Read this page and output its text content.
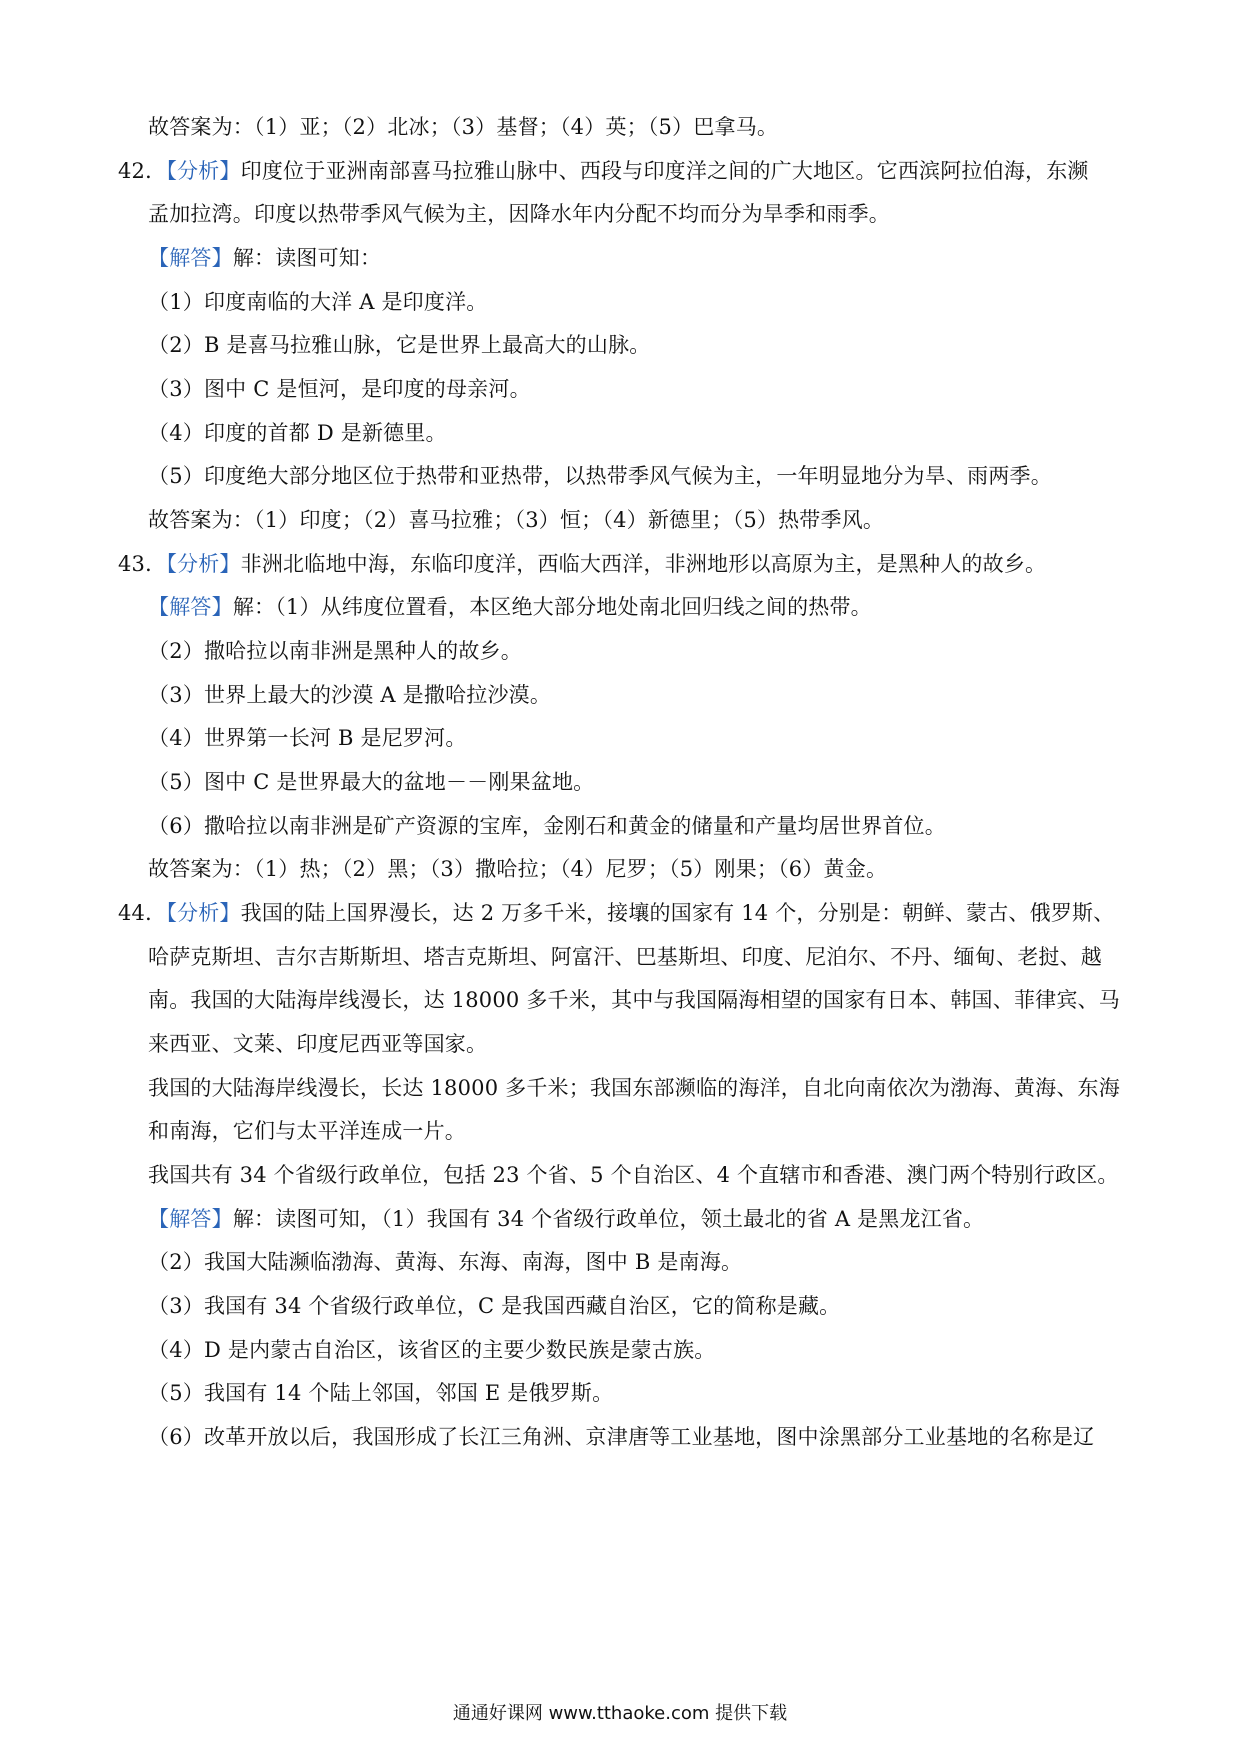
故答案为：（1）亚；（2）北冰；（3）基督；（4）英；（5）巴拿马。
42．【分析】印度位于亚洲南部喜马拉雅山脉中、西段与印度洋之间的广大地区。它西滨阿拉伯海，东濒
孟加拉湾。印度以热带季风气候为主，因降水年内分配不均而分为旱季和雨季。
【解答】解：读图可知：
（1）印度南临的大洋 A 是印度洋。
（2）B 是喜马拉雅山脉，它是世界上最高大的山脉。
（3）图中 C 是恒河，是印度的母亲河。
（4）印度的首都 D 是新德里。
（5）印度绝大部分地区位于热带和亚热带，以热带季风气候为主，一年明显地分为旱、雨两季。
故答案为：（1）印度；（2）喜马拉雅；（3）恒；（4）新德里；（5）热带季风。
43．【分析】非洲北临地中海，东临印度洋，西临大西洋，非洲地形以高原为主，是黑种人的故乡。
【解答】解：（1）从纬度位置看，本区绝大部分地处南北回归线之间的热带。
（2）撒哈拉以南非洲是黑种人的故乡。
（3）世界上最大的沙漠 A 是撒哈拉沙漠。
（4）世界第一长河 B 是尼罗河。
（5）图中 C 是世界最大的盆地－－刚果盆地。
（6）撒哈拉以南非洲是矿产资源的宝库，金刚石和黄金的储量和产量均居世界首位。
故答案为：（1）热；（2）黑；（3）撒哈拉；（4）尼罗；（5）刚果；（6）黄金。
44．【分析】我国的陆上国界漫长，达 2 万多千米，接壤的国家有 14 个，分别是：朝鲜、蒙古、俄罗斯、
哈萨克斯坦、吉尔吉斯斯坦、塔吉克斯坦、阿富汗、巴基斯坦、印度、尼泊尔、不丹、缅甸、老挝、越
南。我国的大陆海岸线漫长，达 18000 多千米，其中与我国隔海相望的国家有日本、韩国、菲律宾、马
来西亚、文莱、印度尼西亚等国家。
我国的大陆海岸线漫长，长达 18000 多千米；我国东部濒临的海洋，自北向南依次为渤海、黄海、东海
和南海，它们与太平洋连成一片。
我国共有 34 个省级行政单位，包括 23 个省、5 个自治区、4 个直辖市和香港、澳门两个特别行政区。
【解答】解：读图可知，（1）我国有 34 个省级行政单位，领土最北的省 A 是黑龙江省。
（2）我国大陆濒临渤海、黄海、东海、南海，图中 B 是南海。
（3）我国有 34 个省级行政单位，C 是我国西藏自治区，它的简称是藏。
（4）D 是内蒙古自治区，该省区的主要少数民族是蒙古族。
（5）我国有 14 个陆上邻国，邻国 E 是俄罗斯。
（6）改革开放以后，我国形成了长江三角洲、京津唐等工业基地，图中涂黑部分工业基地的名称是辽
通通好课网 www.tthaoke.com 提供下载
